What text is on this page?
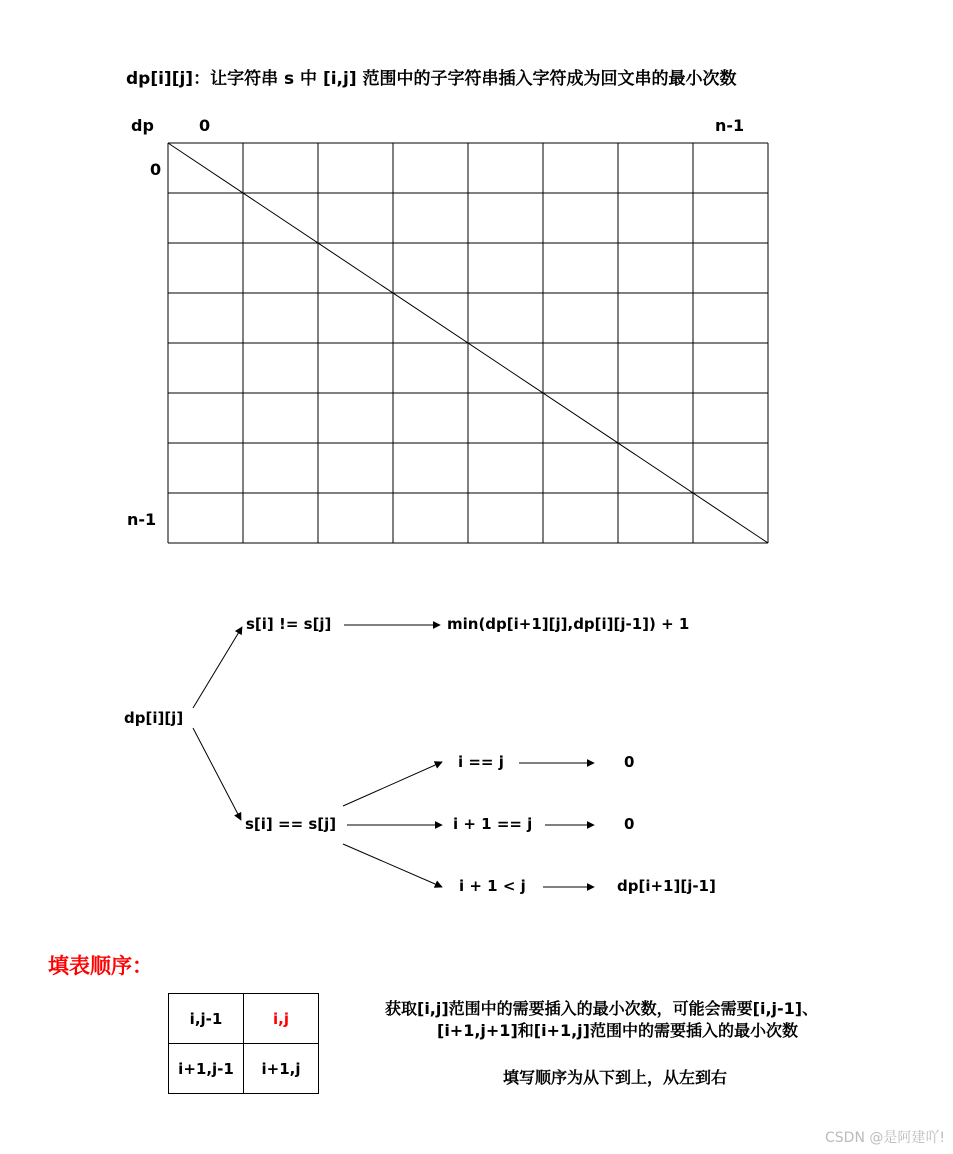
dp[i][j]：让字符串 s 中 [i,j] 范围中的子字符串插入字符成为回文串的最小次数
dp	0	n-1
0
n-1
dp[i][j]
s[i] != s[j]	min(dp[i+1][j],dp[i][j-1]) + 1
s[i] == s[j]
i == j	0
i + 1 == j	0
i + 1 < j	dp[i+1][j-1]
填表顺序：
i,j-1	i,j
i+1,j-1	i+1,j
获取[i,j]范围中的需要插入的最小次数，可能会需要[i,j-1]、
[i+1,j+1]和[i+1,j]范围中的需要插入的最小次数
填写顺序为从下到上，从左到右
CSDN @是阿建吖!
